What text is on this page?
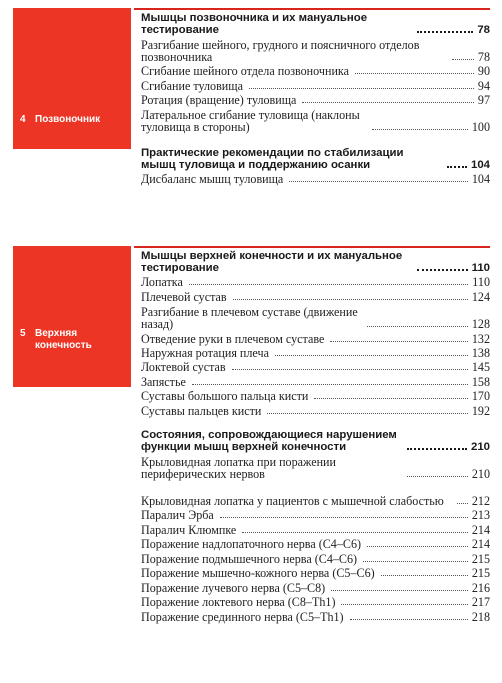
4 Позвоночник
Мышцы позвоночника и их мануальное тестирование	78
Разгибание шейного, грудного и поясничного отделов позвоночника	78
Сгибание шейного отдела позвоночника	90
Сгибание туловища	94
Ротация (вращение) туловища	97
Латеральное сгибание туловища (наклоны туловища в стороны)	100
Практические рекомендации по стабилизации мышц туловища и поддержанию осанки	104
Дисбаланс мышц туловища	104
5 Верхняя конечность
Мышцы верхней конечности и их мануальное тестирование	110
Лопатка	110
Плечевой сустав	124
Разгибание в плечевом суставе (движение назад)	128
Отведение руки в плечевом суставе	132
Наружная ротация плеча	138
Локтевой сустав	145
Запястье	158
Суставы большого пальца кисти	170
Суставы пальцев кисти	192
Состояния, сопровождающиеся нарушением функции мышц верхней конечности	210
Крыловидная лопатка при поражении периферических нервов	210
Крыловидная лопатка у пациентов с мышечной слабостью	212
Паралич Эрба	213
Паралич Клюмпке	214
Поражение надлопаточного нерва (C4–C6)	214
Поражение подмышечного нерва (C4–C6)	215
Поражение мышечно-кожного нерва (C5–C6)	215
Поражение лучевого нерва (C5–C8)	216
Поражение локтевого нерва (C8–Th1)	217
Поражение срединного нерва (C5–Th1)	218
